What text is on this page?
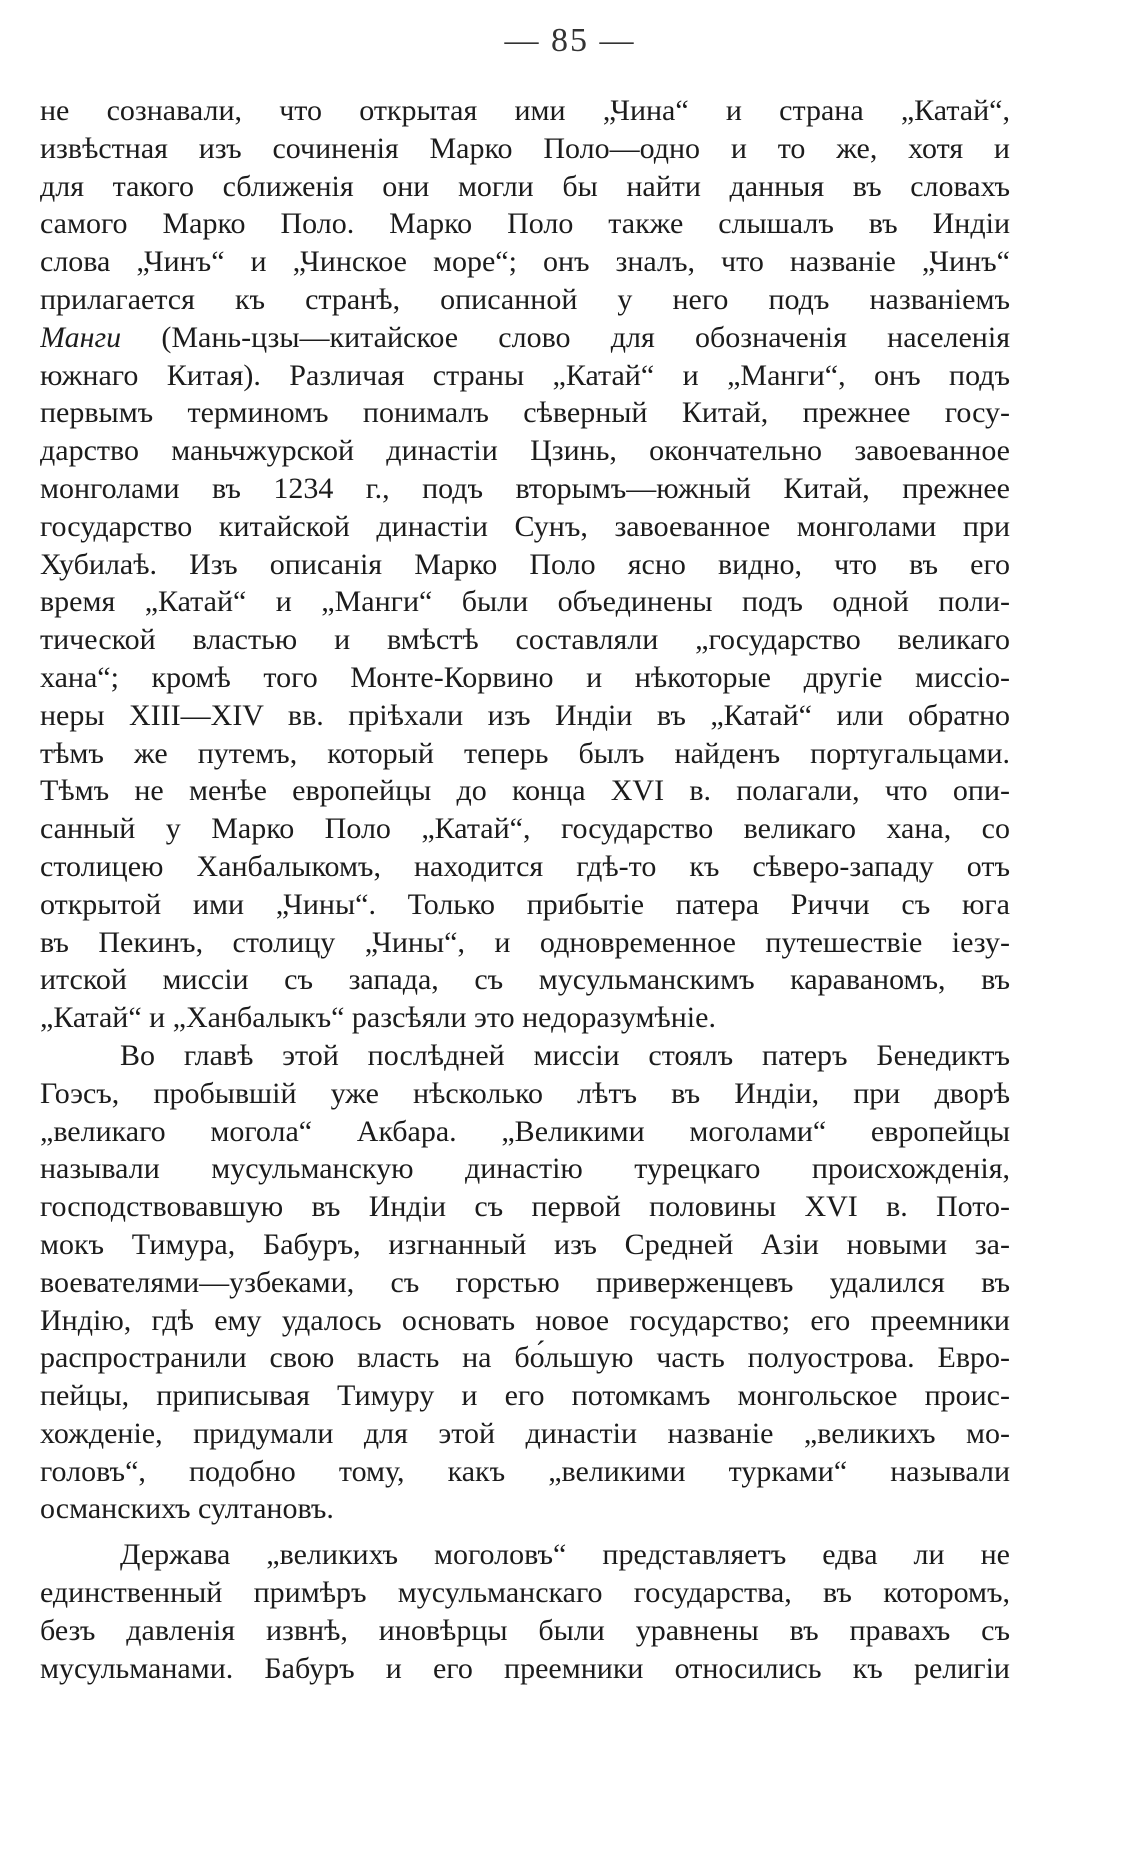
— 85 —
не сознавали, что открытая ими „Чина“ и страна „Катай“,
извѣстная изъ сочиненія Марко Поло—одно и то же, хотя и
для такого сближенія они могли бы найти данныя въ словахъ
самого Марко Поло. Марко Поло также слышалъ въ Индіи
слова „Чинъ“ и „Чинское море“; онъ зналъ, что названіе „Чинъ“
прилагается къ странѣ, описанной у него подъ названіемъ
Манги (Мань-цзы—китайское слово для обозначенія населенія
южнаго Китая). Различая страны „Катай“ и „Манги“, онъ подъ
первымъ терминомъ понималъ сѣверный Китай, прежнее госу-
дарство маньчжурской династіи Цзинь, окончательно завоеванное
монголами въ 1234 г., подъ вторымъ—южный Китай, прежнее
государство китайской династіи Сунъ, завоеванное монголами при
Хубилаѣ. Изъ описанія Марко Поло ясно видно, что въ его
время „Катай“ и „Манги“ были объединены подъ одной поли-
тической властью и вмѣстѣ составляли „государство великаго
хана“; кромѣ того Монте-Корвино и нѣкоторые другіе миссіо-
неры XIII—XIV вв. пріѣхали изъ Индіи въ „Катай“ или обратно
тѣмъ же путемъ, который теперь былъ найденъ португальцами.
Тѣмъ не менѣе европейцы до конца XVI в. полагали, что опи-
санный у Марко Поло „Катай“, государство великаго хана, со
столицею Ханбалыкомъ, находится гдѣ-то къ сѣверо-западу отъ
открытой ими „Чины“. Только прибытіе патера Риччи съ юга
въ Пекинъ, столицу „Чины“, и одновременное путешествіе іезу-
итской миссіи съ запада, съ мусульманскимъ караваномъ, въ
„Катай“ и „Ханбалыкъ“ разсѣяли это недоразумѣніе.
Во главѣ этой послѣдней миссіи стоялъ патеръ Бенедиктъ
Гоэсъ, пробывшій уже нѣсколько лѣтъ въ Индіи, при дворѣ
„великаго могола“ Акбара. „Великими моголами“ европейцы
называли мусульманскую династію турецкаго происхожденія,
господствовавшую въ Индіи съ первой половины XVI в. Пото-
мокъ Тимура, Бабуръ, изгнанный изъ Средней Азіи новыми за-
воевателями—узбеками, съ горстью приверженцевъ удалился въ
Индію, гдѣ ему удалось основать новое государство; его преемники
распространили свою власть на бо́льшую часть полуострова. Евро-
пейцы, приписывая Тимуру и его потомкамъ монгольское проис-
хожденіе, придумали для этой династіи названіе „великихъ мо-
головъ“, подобно тому, какъ „великими турками“ называли
османскихъ султановъ.
Держава „великихъ моголовъ“ представляетъ едва ли не
единственный примѣръ мусульманскаго государства, въ которомъ,
безъ давленія извнѣ, иновѣрцы были уравнены въ правахъ съ
мусульманами. Бабуръ и его преемники относились къ религіи
